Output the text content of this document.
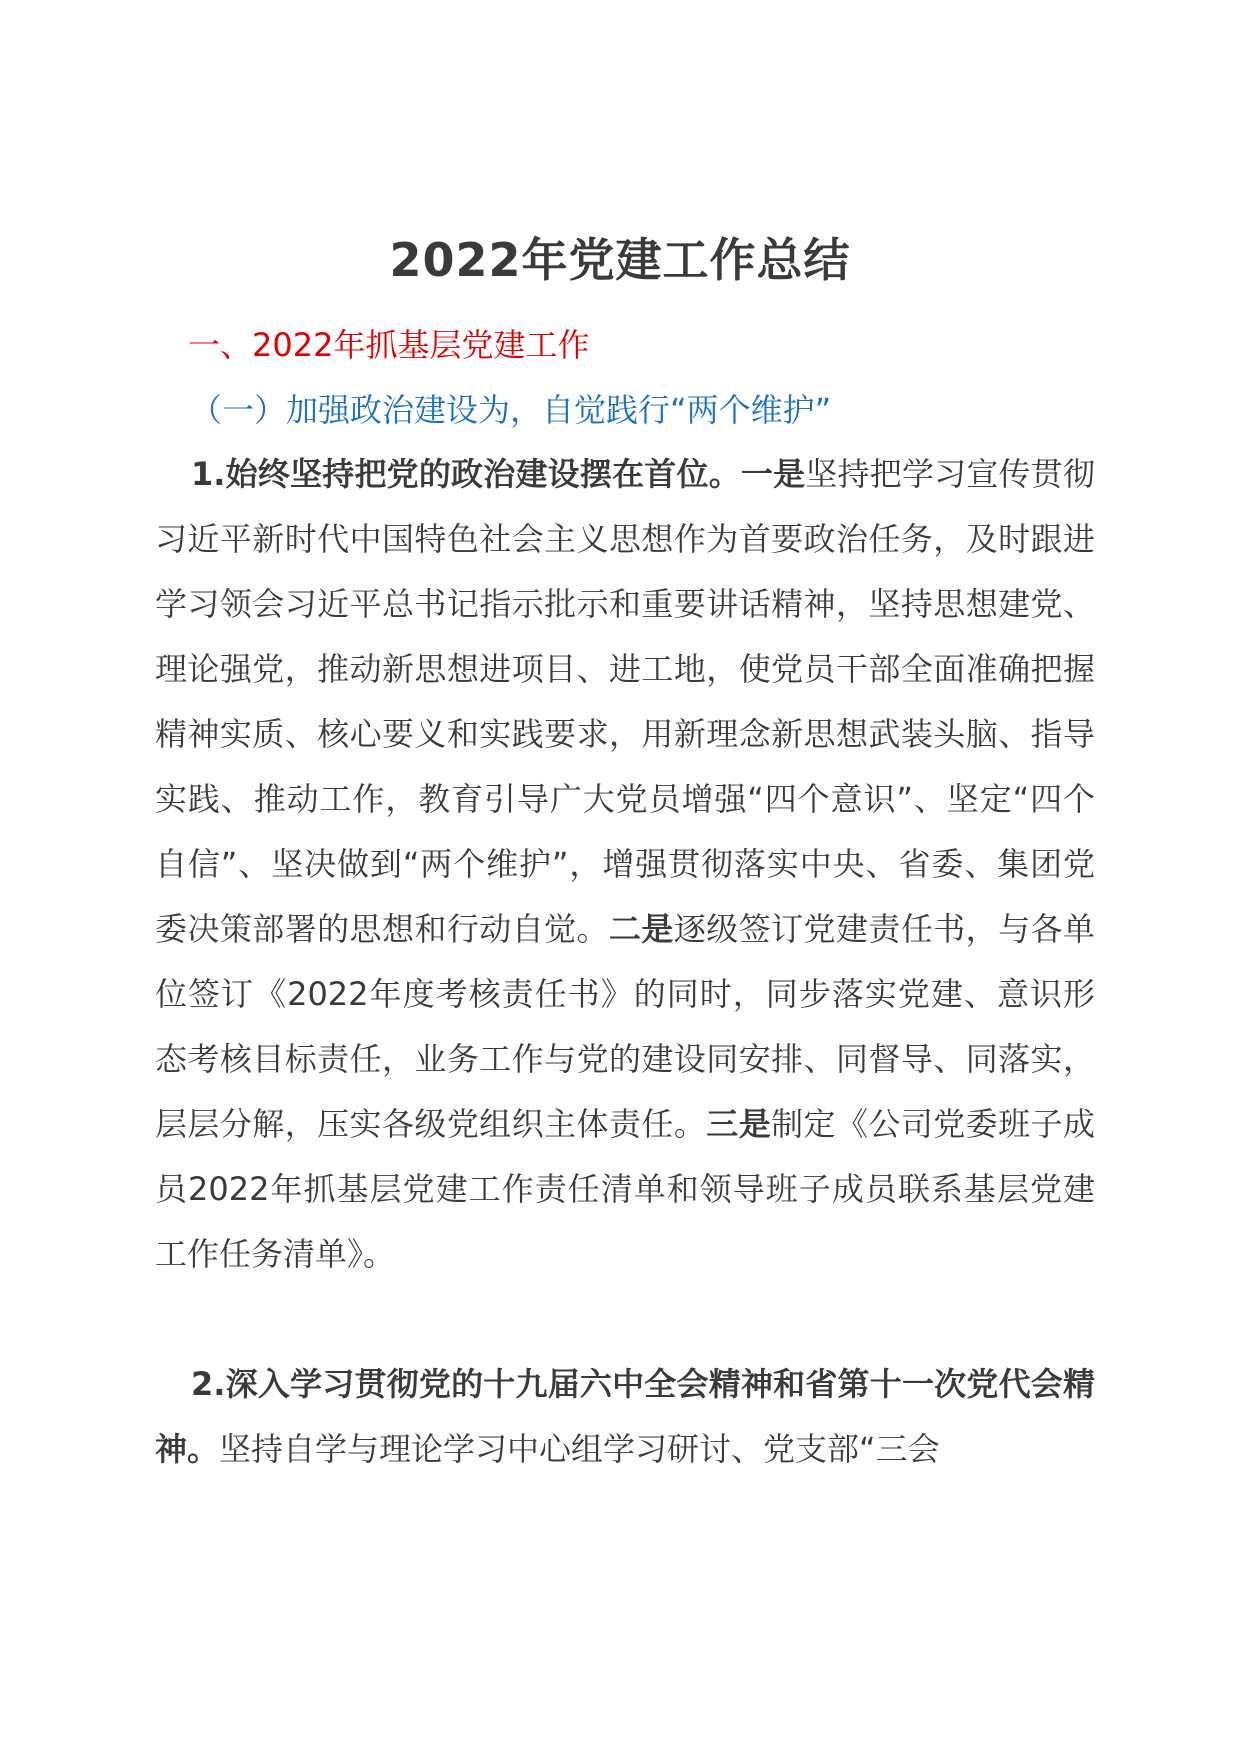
2022年党建工作总结
一、2022年抓基层党建工作
（一）加强政治建设为，自觉践行“两个维护”

1.始终坚持把党的政治建设摆在首位。一是坚持把学习宣传贯彻习近平新时代中国特色社会主义思想作为首要政治任务，及时跟进学习领会习近平总书记指示批示和重要讲话精神，坚持思想建党、理论强党，推动新思想进项目、进工地，使党员干部全面准确把握精神实质、核心要义和实践要求，用新理念新思想武装头脑、指导实践、推动工作，教育引导广大党员增强“四个意识”、坚定“四个自信”、坚决做到“两个维护”，增强贯彻落实中央、省委、集团党委决策部署的思想和行动自觉。二是逐级签订党建责任书，与各单位签订《2022年度考核责任书》的同时，同步落实党建、意识形态考核目标责任，业务工作与党的建设同安排、同督导、同落实，层层分解，压实各级党组织主体责任。三是制定《公司党委班子成员2022年抓基层党建工作责任清单和领导班子成员联系基层党建工作任务清单》。

2.深入学习贯彻党的十九届六中全会精神和省第十一次党代会精神。坚持自学与理论学习中心组学习研讨、党支部“三会
